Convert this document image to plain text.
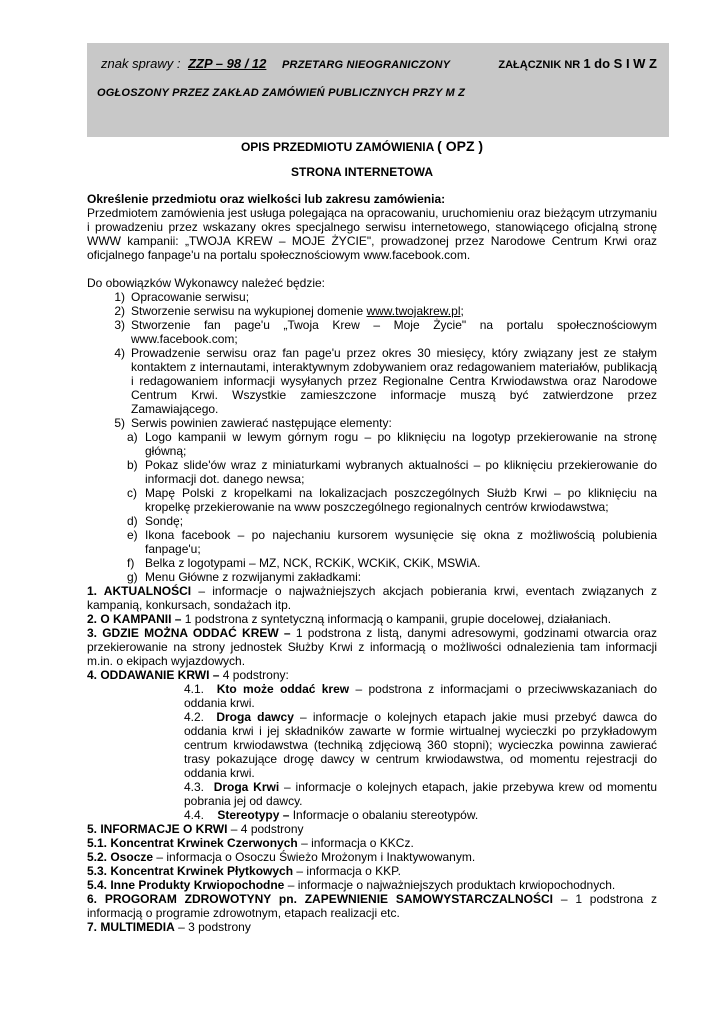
znak sprawy : ZZP – 98 / 12 PRZETARG NIEOGRANICZONY	ZAŁĄCZNIK NR 1 do S I W Z
OGŁOSZONY PRZEZ ZAKŁAD ZAMÓWIEŃ PUBLICZNYCH PRZY M Z
OPIS PRZEDMIOTU ZAMÓWIENIA ( OPZ )
STRONA INTERNETOWA

Określenie przedmiotu oraz wielkości lub zakresu zamówienia:

Przedmiotem zamówienia jest usługa polegająca na opracowaniu, uruchomieniu oraz bieżącym utrzymaniu i prowadzeniu przez wskazany okres specjalnego serwisu internetowego, stanowiącego oficjalną stronę WWW kampanii: „TWOJA KREW – MOJE ŻYCIE", prowadzonej przez Narodowe Centrum Krwi oraz oficjalnego fanpage'u na portalu społecznościowym www.facebook.com.

Do obowiązków Wykonawcy należeć będzie:

1) Opracowanie serwisu;
2) Stworzenie serwisu na wykupionej domenie www.twojakrew.pl;
3) Stworzenie fan page'u „Twoja Krew – Moje Życie" na portalu społecznościowym www.facebook.com;
4) Prowadzenie serwisu oraz fan page'u przez okres 30 miesięcy, który związany jest ze stałym kontaktem z internautami, interaktywnym zdobywaniem oraz redagowaniem materiałów, publikacją i redagowaniem informacji wysyłanych przez Regionalne Centra Krwiodawstwa oraz Narodowe Centrum Krwi. Wszystkie zamieszczone informacje muszą być zatwierdzone przez Zamawiającego.
5) Serwis powinien zawierać następujące elementy:
a) Logo kampanii w lewym górnym rogu – po kliknięciu na logotyp przekierowanie na stronę główną;
b) Pokaz slide'ów wraz z miniaturkami wybranych aktualności – po kliknięciu przekierowanie do informacji dot. danego newsa;
c) Mapę Polski z kropelkami na lokalizacjach poszczególnych Służb Krwi – po kliknięciu na kropelkę przekierowanie na www poszczególnego regionalnych centrów krwiodawstwa;
d) Sondę;
e) Ikona facebook – po najechaniu kursorem wysunięcie się okna z możliwością polubienia fanpage'u;
f) Belka z logotypami – MZ, NCK, RCKiK, WCKiK, CKiK, MSWiA.
g) Menu Główne z rozwijanymi zakładkami:

1. AKTUALNOŚCI – informacje o najważniejszych akcjach pobierania krwi, eventach związanych z kampanią, konkursach, sondażach itp.

2. O KAMPANII – 1 podstrona z syntetyczną informacją o kampanii, grupie docelowej, działaniach.

3. GDZIE MOŻNA ODDAĆ KREW – 1 podstrona z listą, danymi adresowymi, godzinami otwarcia oraz przekierowanie na strony jednostek Służby Krwi z informacją o możliwości odnalezienia tam informacji m.in. o ekipach wyjazdowych.

4. ODDAWANIE KRWI – 4 podstrony:

4.1. Kto może oddać krew – podstrona z informacjami o przeciwwskazaniach do oddania krwi.
4.2. Droga dawcy – informacje o kolejnych etapach jakie musi przebyć dawca do oddania krwi i jej składników zawarte w formie wirtualnej wycieczki po przykładowym centrum krwiodawstwa (techniką zdjęciową 360 stopni); wycieczka powinna zawierać trasy pokazujące drogę dawcy w centrum krwiodawstwa, od momentu rejestracji do oddania krwi.
4.3. Droga Krwi – informacje o kolejnych etapach, jakie przebywa krew od momentu pobrania jej od dawcy.
4.4. Stereotypy – Informacje o obalaniu stereotypów.

5. INFORMACJE O KRWI – 4 podstrony

5.1. Koncentrat Krwinek Czerwonych – informacja o KKCz.

5.2. Osocze – informacja o Osoczu Świeżo Mrożonym i Inaktywowanym.

5.3. Koncentrat Krwinek Płytkowych – informacja o KKP.

5.4. Inne Produkty Krwiopochodne – informacje o najważniejszych produktach krwiopochodnych.

6. PROGORAM ZDROWOTYNY pn. ZAPEWNIENIE SAMOWYSTARCZALNOŚCI – 1 podstrona z informacją o programie zdrowotnym, etapach realizacji etc.

7. MULTIMEDIA – 3 podstrony
